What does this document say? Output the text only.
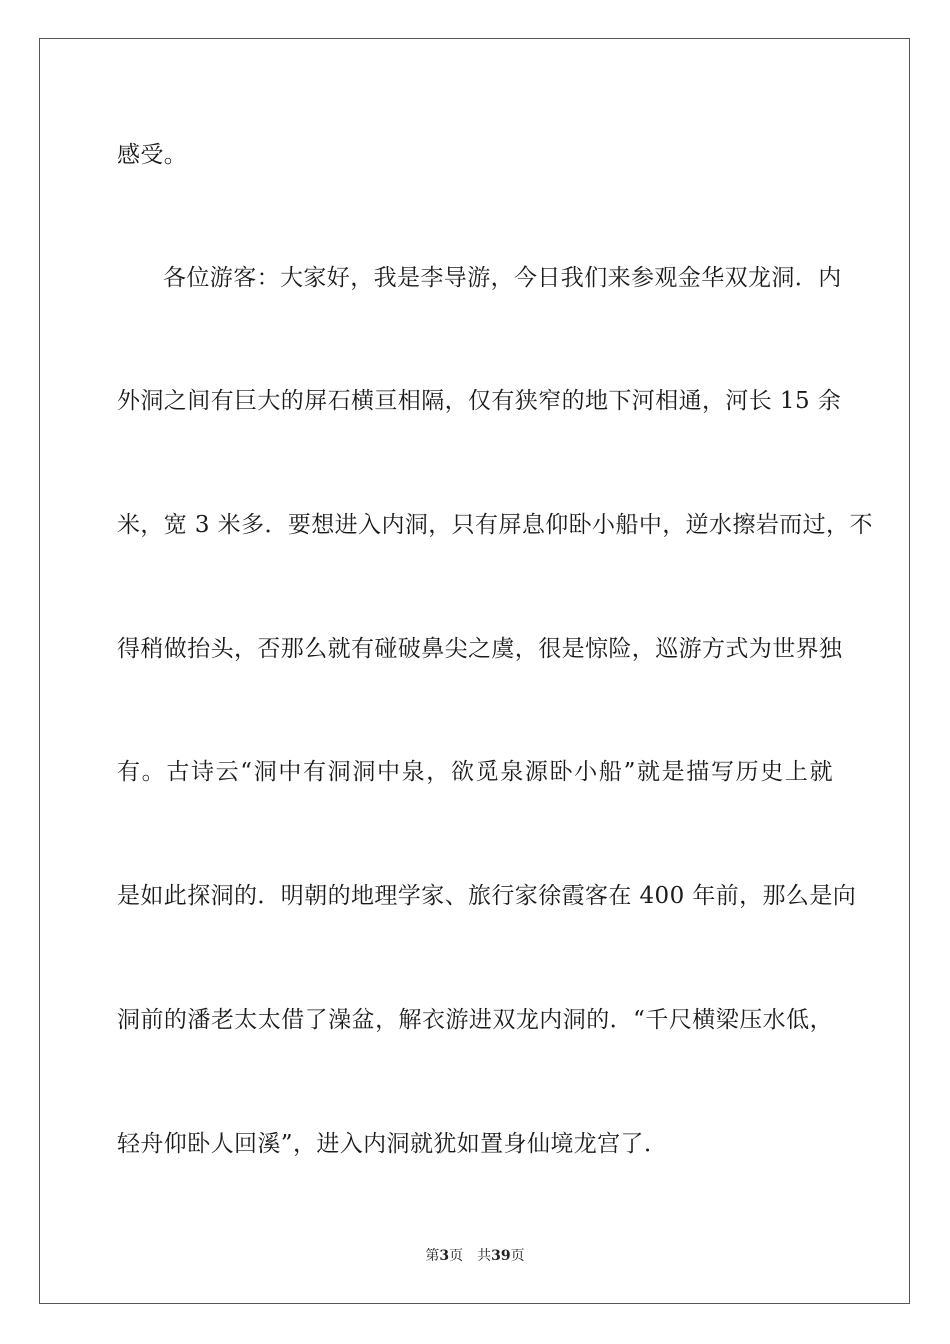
感受。
各位游客：大家好，我是李导游，今日我们来参观金华双龙洞．内
外洞之间有巨大的屏石横亘相隔，仅有狭窄的地下河相通，河长 15 余
米，宽 3 米多．要想进入内洞，只有屏息仰卧小船中，逆水擦岩而过，不
得稍做抬头，否那么就有碰破鼻尖之虞，很是惊险，巡游方式为世界独
有。古诗云“洞中有洞洞中泉，欲觅泉源卧小船”就是描写历史上就
是如此探洞的．明朝的地理学家、旅行家徐霞客在 400 年前，那么是向
洞前的潘老太太借了澡盆，解衣游进双龙内洞的．“千尺横梁压水低，
轻舟仰卧人回溪”，进入内洞就犹如置身仙境龙宫了．
第3页 共39页
